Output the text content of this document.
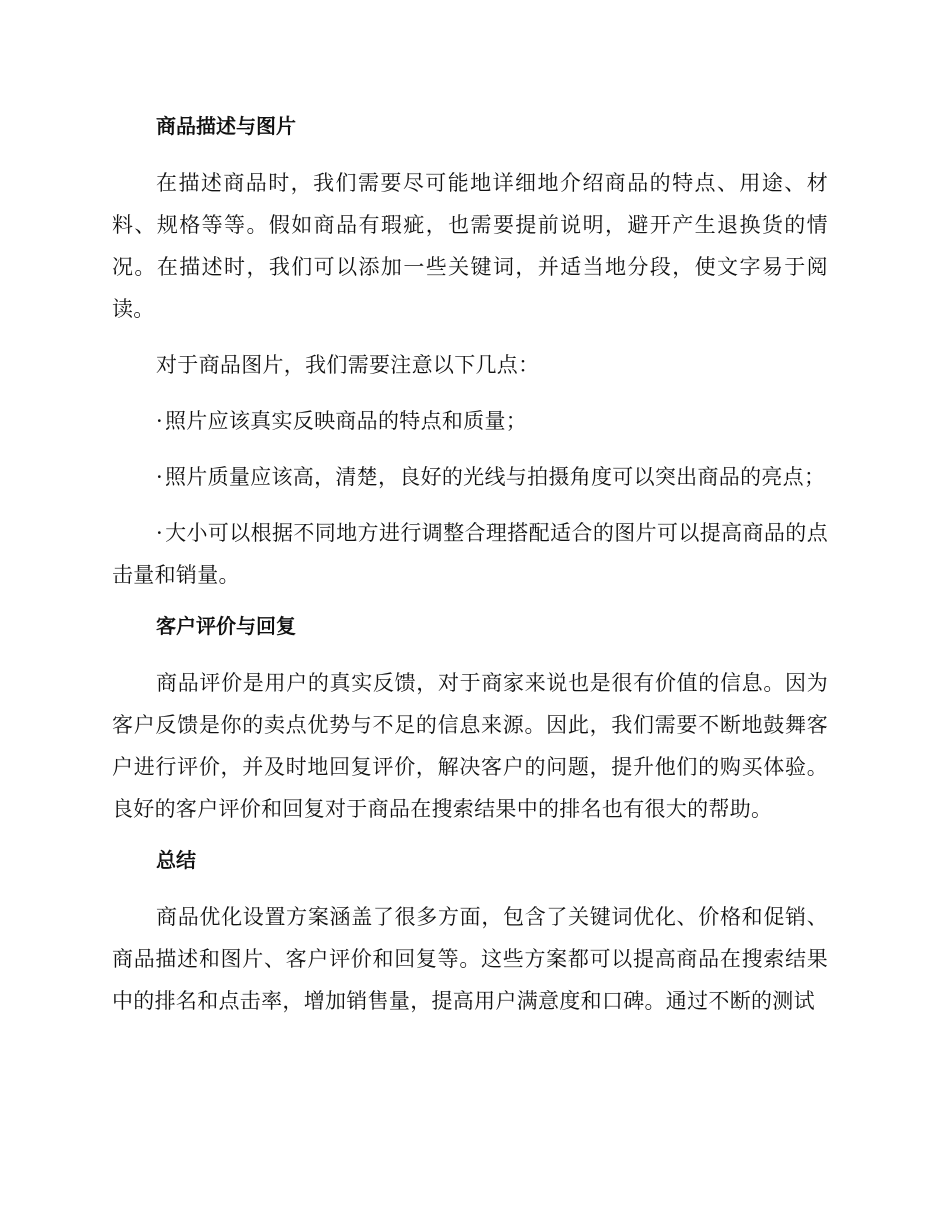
商品描述与图片

在描述商品时，我们需要尽可能地详细地介绍商品的特点、用途、材料、规格等等。假如商品有瑕疵，也需要提前说明，避开产生退换货的情况。在描述时，我们可以添加一些关键词，并适当地分段，使文字易于阅读。

对于商品图片，我们需要注意以下几点：

·照片应该真实反映商品的特点和质量；

·照片质量应该高，清楚，良好的光线与拍摄角度可以突出商品的亮点；

·大小可以根据不同地方进行调整合理搭配适合的图片可以提高商品的点击量和销量。

客户评价与回复

商品评价是用户的真实反馈，对于商家来说也是很有价值的信息。因为客户反馈是你的卖点优势与不足的信息来源。因此，我们需要不断地鼓舞客户进行评价，并及时地回复评价，解决客户的问题，提升他们的购买体验。良好的客户评价和回复对于商品在搜索结果中的排名也有很大的帮助。

总结

商品优化设置方案涵盖了很多方面，包含了关键词优化、价格和促销、商品描述和图片、客户评价和回复等。这些方案都可以提高商品在搜索结果中的排名和点击率，增加销售量，提高用户满意度和口碑。通过不断的测试
